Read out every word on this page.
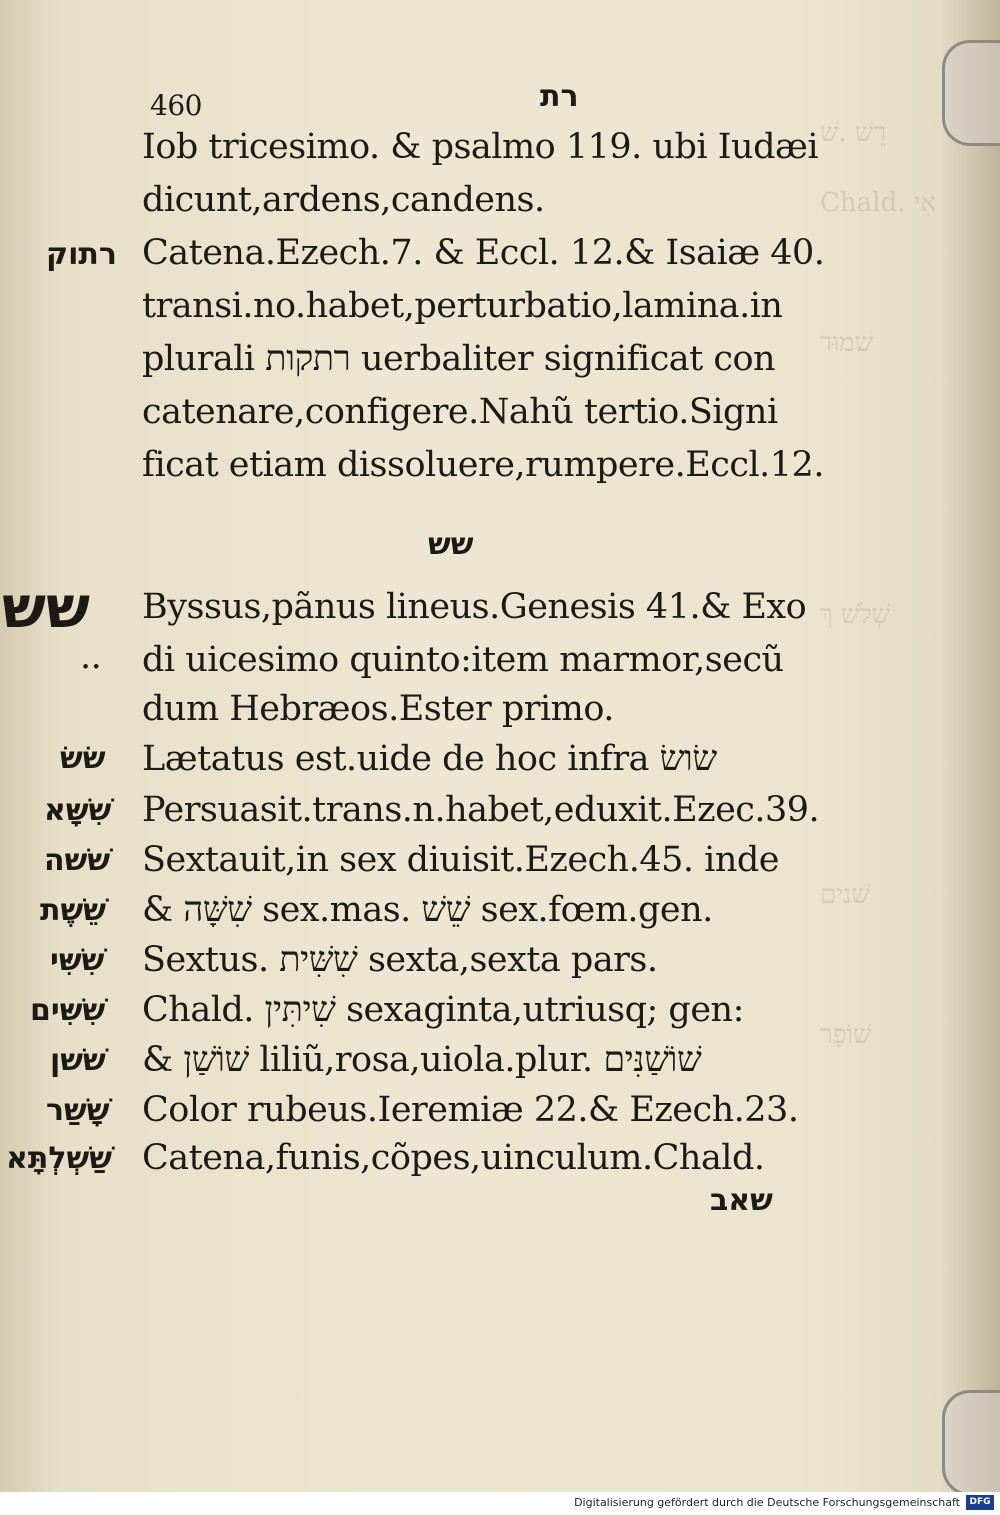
רֵשׁ .שׁ
Chald. אִי
שׁמוּד
שְׁלֹשׁ ךְ
שׁנים
שׁוֹפָר
460	רת
Iob tricesimo. & psalmo 119. ubi Iudæi
dicunt,ardens,candens.
רתוק Catena.Ezech.7. & Eccl. 12.& Isaiæ 40.
transi.no.habet,perturbatio,lamina.in
plurali רתקות uerbaliter significat con
catenare,configere.Nahũ tertio.Signi
ficat etiam dissoluere,rumpere.Eccl.12.
שש
שש Byssus,pãnus lineus.Genesis 41.& Exo
.. di uicesimo quinto:item marmor,secũ
dum Hebræos.Ester primo.
שׂשׂ Lætatus est.uide de hoc infra שׂושׂ
שִׁשָּׁא Persuasit.trans.n.habet,eduxit.Ezec.39.
שׁשׁה Sextauit,in sex diuisit.Ezech.45. inde
שֵׁשֶׁת & שִׁשָּׁה sex.mas. שֵׁשׁ sex.fœm.gen.
שִׁשִּׁי Sextus. שִׁשִּׁית sexta,sexta pars.
שִׁשִּׁים Chald. שִׁיתִּין sexaginta,utriusq; gen:
שׁשׁן & שׁוֹשַׁן liliũ,rosa,uiola.plur. שׁוֹשַׁנִּים
שָׁשַׁר Color rubeus.Ieremiæ 22.& Ezech.23.
שַׁשְׁלְתָּא Catena,funis,cõpes,uinculum.Chald.
שאב
Digitalisierung gefördert durch die Deutsche Forschungsgemeinschaft	DFG
